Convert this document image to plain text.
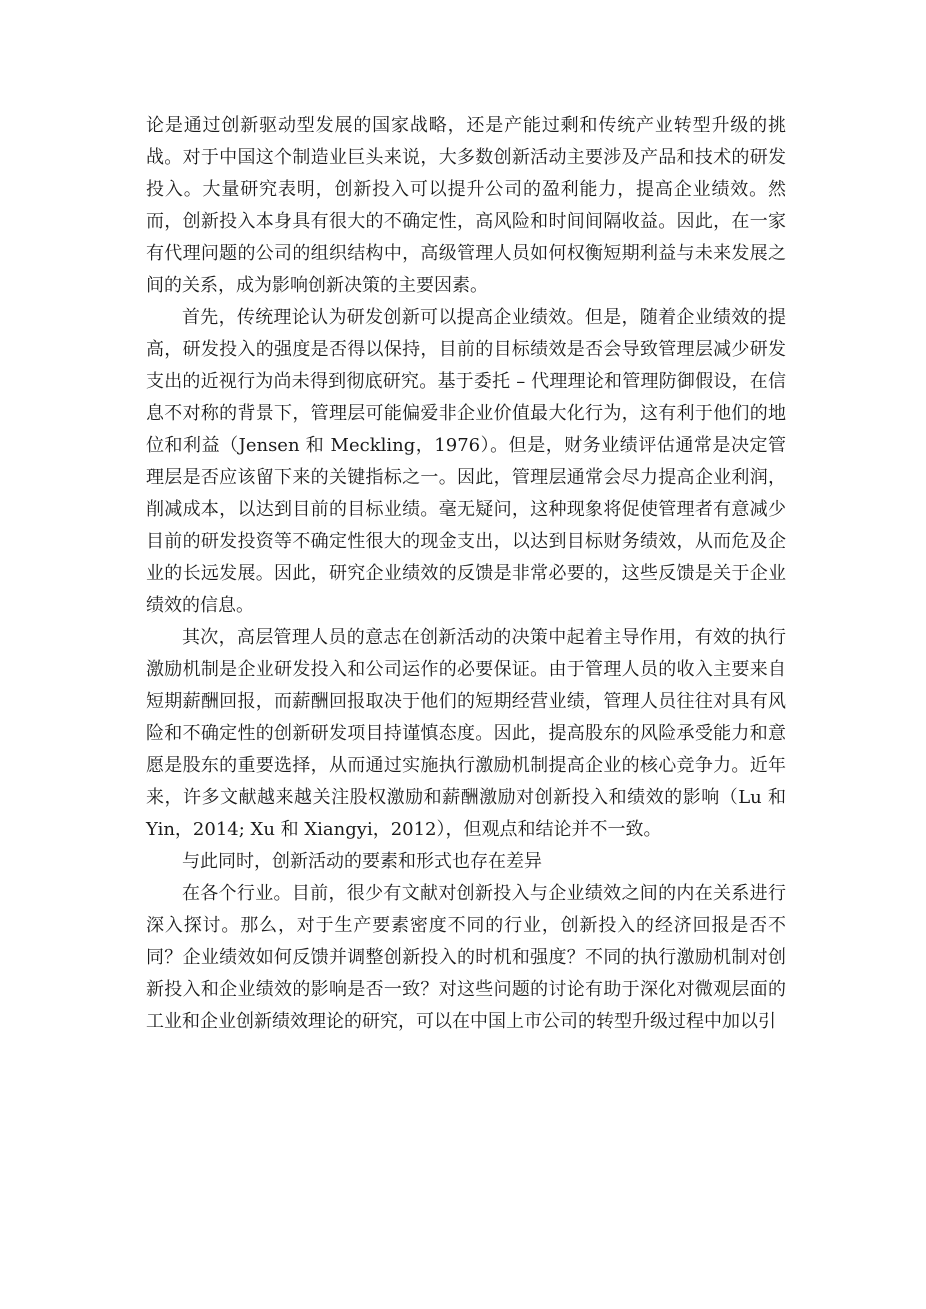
论是通过创新驱动型发展的国家战略，还是产能过剩和传统产业转型升级的挑战。对于中国这个制造业巨头来说，大多数创新活动主要涉及产品和技术的研发投入。大量研究表明，创新投入可以提升公司的盈利能力，提高企业绩效。然而，创新投入本身具有很大的不确定性，高风险和时间间隔收益。因此，在一家有代理问题的公司的组织结构中，高级管理人员如何权衡短期利益与未来发展之间的关系，成为影响创新决策的主要因素。

首先，传统理论认为研发创新可以提高企业绩效。但是，随着企业绩效的提高，研发投入的强度是否得以保持，目前的目标绩效是否会导致管理层减少研发支出的近视行为尚未得到彻底研究。基于委托 – 代理理论和管理防御假设，在信息不对称的背景下，管理层可能偏爱非企业价值最大化行为，这有利于他们的地位和利益（Jensen 和 Meckling，1976）。但是，财务业绩评估通常是决定管理层是否应该留下来的关键指标之一。因此，管理层通常会尽力提高企业利润，削减成本，以达到目前的目标业绩。毫无疑问，这种现象将促使管理者有意减少目前的研发投资等不确定性很大的现金支出，以达到目标财务绩效，从而危及企业的长远发展。因此，研究企业绩效的反馈是非常必要的，这些反馈是关于企业绩效的信息。

其次，高层管理人员的意志在创新活动的决策中起着主导作用，有效的执行激励机制是企业研发投入和公司运作的必要保证。由于管理人员的收入主要来自短期薪酬回报，而薪酬回报取决于他们的短期经营业绩，管理人员往往对具有风险和不确定性的创新研发项目持谨慎态度。因此，提高股东的风险承受能力和意愿是股东的重要选择，从而通过实施执行激励机制提高企业的核心竞争力。近年来，许多文献越来越关注股权激励和薪酬激励对创新投入和绩效的影响（Lu 和 Yin，2014; Xu 和 Xiangyi，2012），但观点和结论并不一致。

与此同时，创新活动的要素和形式也存在差异

在各个行业。目前，很少有文献对创新投入与企业绩效之间的内在关系进行深入探讨。那么，对于生产要素密度不同的行业，创新投入的经济回报是否不同？企业绩效如何反馈并调整创新投入的时机和强度？不同的执行激励机制对创新投入和企业绩效的影响是否一致？对这些问题的讨论有助于深化对微观层面的工业和企业创新绩效理论的研究，可以在中国上市公司的转型升级过程中加以引
